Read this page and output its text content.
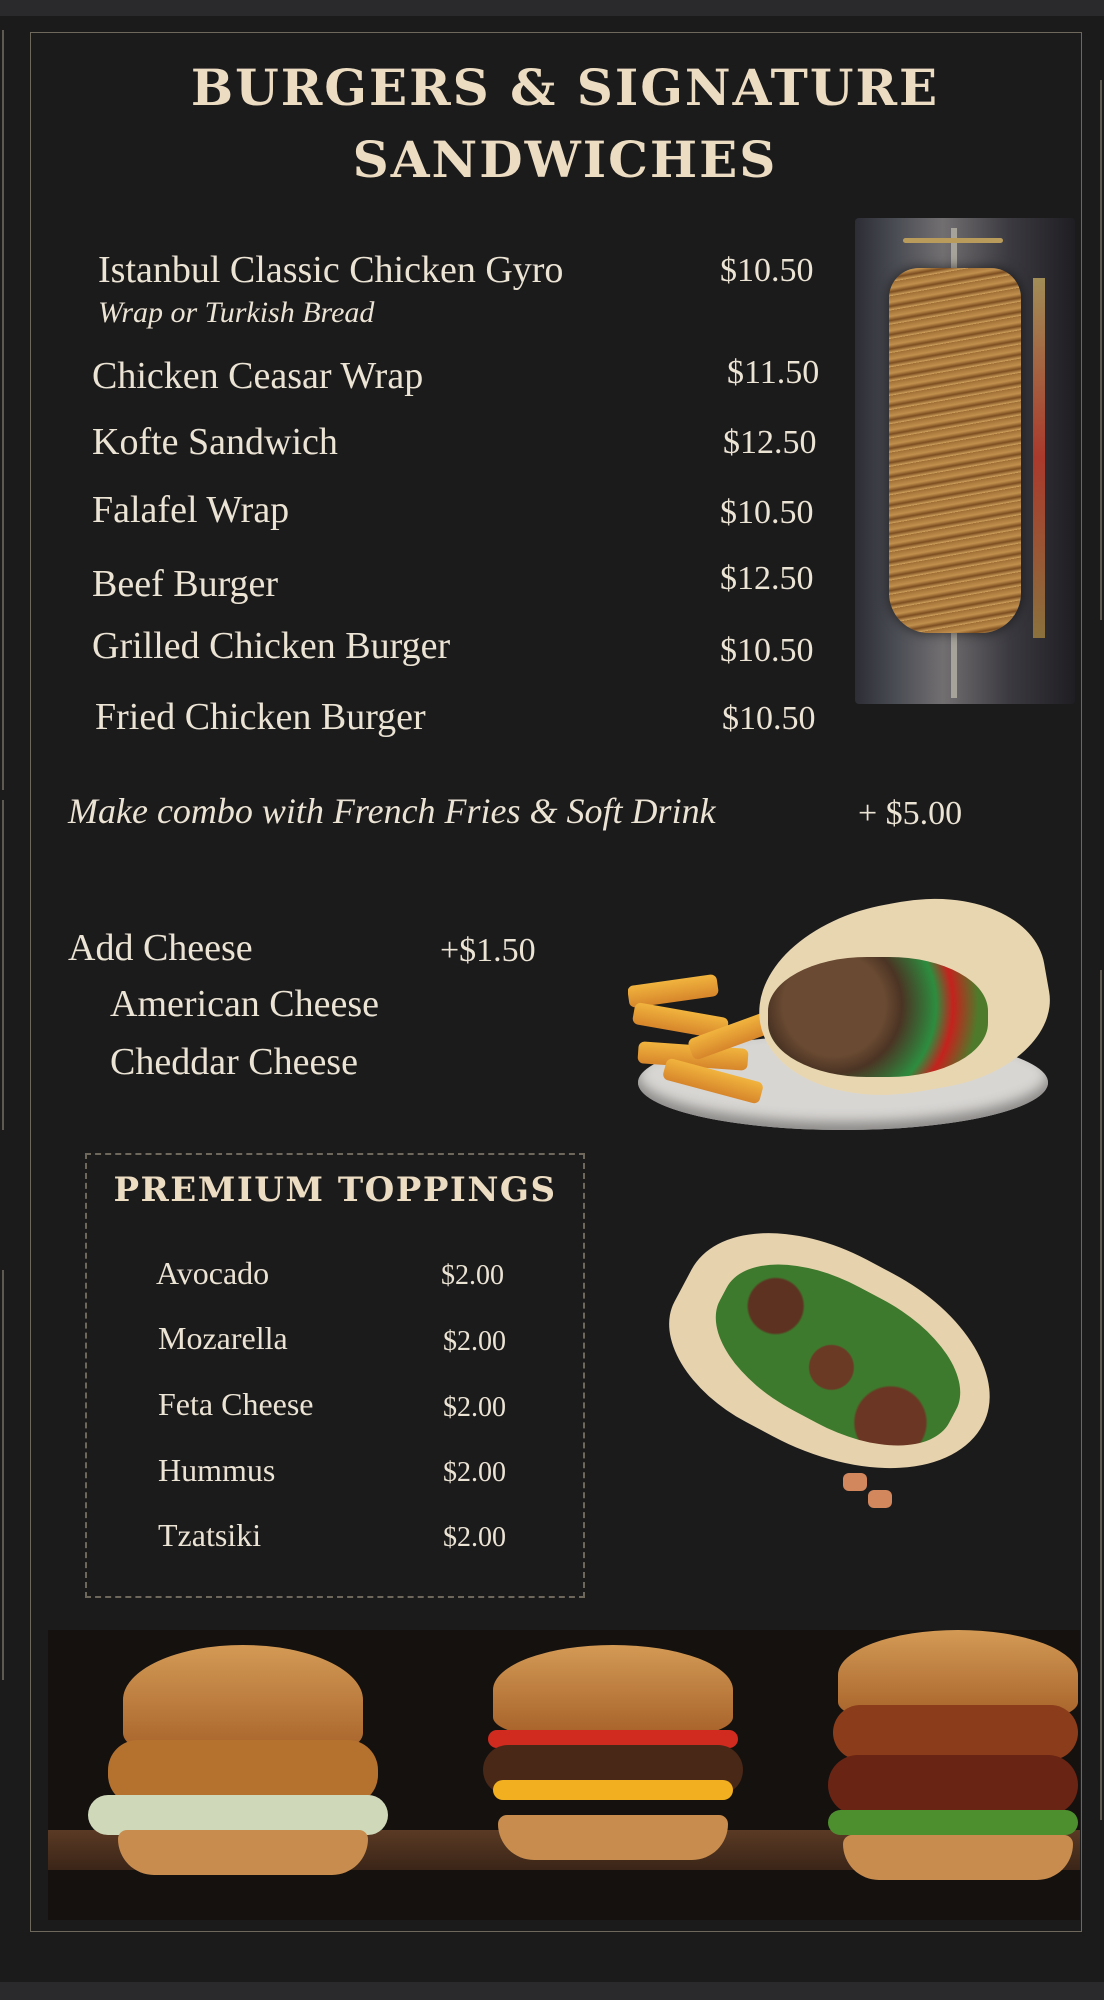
BURGERS & SIGNATURE
SANDWICHES
Istanbul Classic Chicken Gyro	$10.50
Wrap or Turkish Bread
Chicken Ceasar Wrap	$11.50
Kofte Sandwich	$12.50
Falafel Wrap	$10.50
Beef Burger	$12.50
Grilled Chicken Burger	$10.50
Fried Chicken Burger	$10.50
Make combo with French Fries & Soft Drink	+ $5.00
Add Cheese	+$1.50
American Cheese
Cheddar Cheese
PREMIUM TOPPINGS
Avocado	$2.00
Mozarella	$2.00
Feta Cheese	$2.00
Hummus	$2.00
Tzatsiki	$2.00
